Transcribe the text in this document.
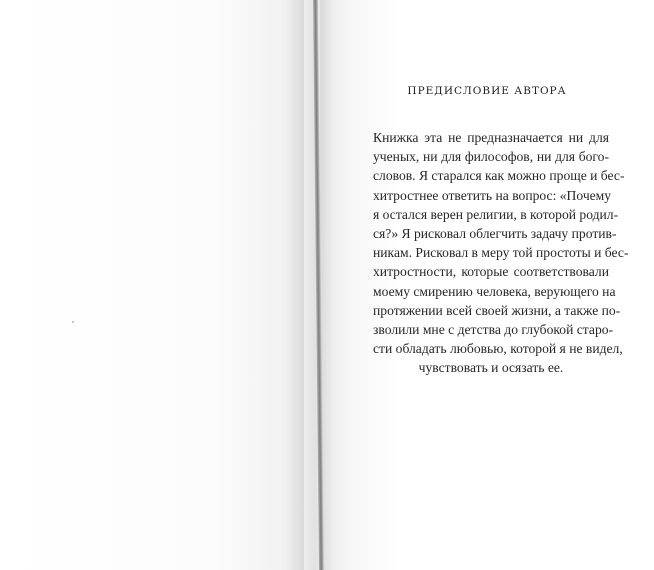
ПРЕДИСЛОВИЕ АВТОРА
Книжка эта не предназначается ни для
ученых, ни для философов, ни для бого-
словов. Я старался как можно проще и бес-
хитростнее ответить на вопрос: «Почему
я остался верен религии, в которой родил-
ся?» Я рисковал облегчить задачу против-
никам. Рисковал в меру той простоты и бес-
хитростности, которые соответствовали
моему смирению человека, верующего на
протяжении всей своей жизни, а также по-
зволили мне с детства до глубокой старо-
сти обладать любовью, которой я не видел,
чувствовать и осязать ее.
